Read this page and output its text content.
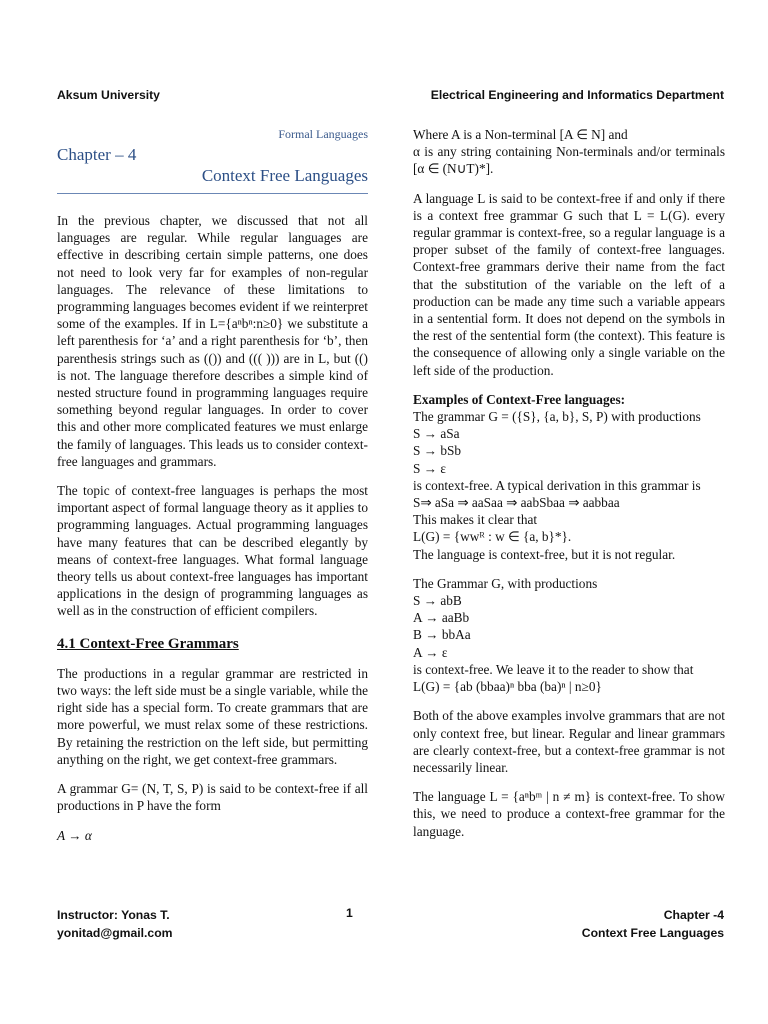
Aksum University	Electrical Engineering and Informatics Department
Formal Languages
Chapter – 4
Context Free Languages

In the previous chapter, we discussed that not all languages are regular. While regular languages are effective in describing certain simple patterns, one does not need to look very far for examples of non-regular languages. The relevance of these limitations to programming languages becomes evident if we reinterpret some of the examples. If in L={aⁿbⁿ:n≥0} we substitute a left parenthesis for ‘a’ and a right parenthesis for ‘b’, then parenthesis strings such as (()) and ((( ))) are in L, but (() is not. The language therefore describes a simple kind of nested structure found in programming languages require something beyond regular languages. In order to cover this and other more complicated features we must enlarge the family of languages. This leads us to consider context-free languages and grammars.

The topic of context-free languages is perhaps the most important aspect of formal language theory as it applies to programming languages. Actual programming languages have many features that can be described elegantly by means of context-free languages. What formal language theory tells us about context-free languages has important applications in the design of programming languages as well as in the construction of efficient compilers.

4.1 Context-Free Grammars

The productions in a regular grammar are restricted in two ways: the left side must be a single variable, while the right side has a special form. To create grammars that are more powerful, we must relax some of these restrictions. By retaining the restriction on the left side, but permitting anything on the right, we get context-free grammars.

A grammar G= (N, T, S, P) is said to be context-free if all productions in P have the form

A → α

Where A is a Non-terminal [A ∈ N] and

α is any string containing Non-terminals and/or terminals [α ∈ (N∪T)*].

A language L is said to be context-free if and only if there is a context free grammar G such that L = L(G). every regular grammar is context-free, so a regular language is a proper subset of the family of context-free languages. Context-free grammars derive their name from the fact that the substitution of the variable on the left of a production can be made any time such a variable appears in a sentential form. It does not depend on the symbols in the rest of the sentential form (the context). This feature is the consequence of allowing only a single variable on the left side of the production.

Examples of Context-Free languages:
The grammar G = ({S}, {a, b}, S, P) with productions
S → aSa
S → bSb
S → ε
is context-free. A typical derivation in this grammar is
S⇒ aSa ⇒ aaSaa ⇒ aabSbaa ⇒ aabbaa
This makes it clear that
L(G) = {wwᴿ : w ∈ {a, b}*}.
The language is context-free, but it is not regular.
The Grammar G, with productions
S → abB
A → aaBb
B → bbAa
A → ε
is context-free. We leave it to the reader to show that
L(G) = {ab (bbaa)ⁿ bba (ba)ⁿ | n≥0}

Both of the above examples involve grammars that are not only context free, but linear. Regular and linear grammars are clearly context-free, but a context-free grammar is not necessarily linear.

The language L = {aⁿbᵐ | n ≠ m} is context-free. To show this, we need to produce a context-free grammar for the language.

Instructor: Yonas T.
yonitad@gmail.com
1	Chapter -4
Context Free Languages
